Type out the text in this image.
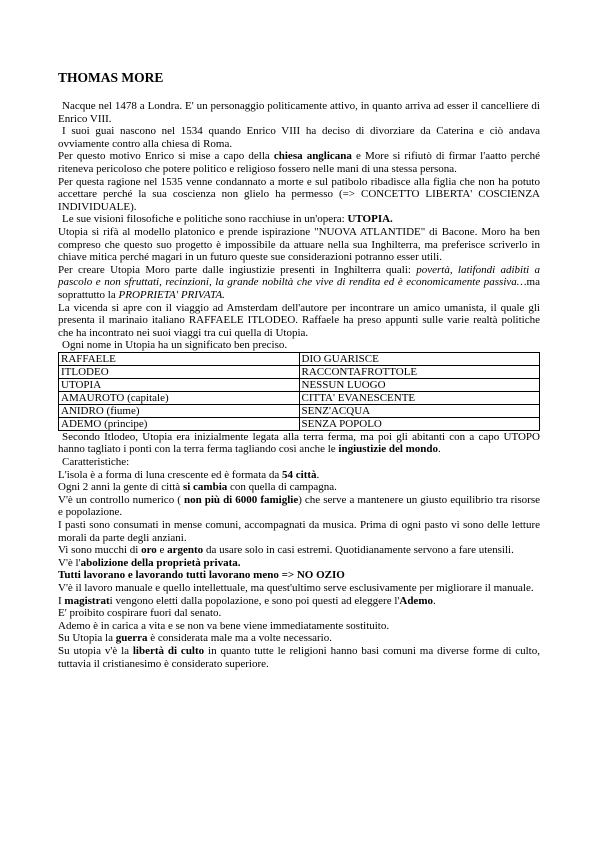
THOMAS MORE

Nacque nel 1478 a Londra. E' un personaggio politicamente attivo, in quanto arriva ad esser il cancelliere di Enrico VIII.

I suoi guai nascono nel 1534 quando Enrico VIII ha deciso di divorziare da Caterina e ciò andava ovviamente contro alla chiesa di Roma.

Per questo motivo Enrico si mise a capo della chiesa anglicana e More si rifiutò di firmar l'aatto perché riteneva pericoloso che potere politico e religioso fossero nelle mani di una stessa persona.

Per questa ragione nel 1535 venne condannato a morte e sul patibolo ribadisce alla figlia che non ha potuto accettare perché la sua coscienza non glielo ha permesso (=> CONCETTO LIBERTA' COSCIENZA INDIVIDUALE).

Le sue visioni filosofiche e politiche sono racchiuse in un'opera: UTOPIA.

Utopia si rifà al modello platonico e prende ispirazione "NUOVA ATLANTIDE" di Bacone. Moro ha ben compreso che questo suo progetto è impossibile da attuare nella sua Inghilterra, ma preferisce scriverlo in chiave mitica perché magari in un futuro queste sue considerazioni potranno esser utili.

Per creare Utopia Moro parte dalle ingiustizie presenti in Inghilterra quali: povertà, latifondi adibiti a pascolo e non sfruttati, recinzioni, la grande nobiltà che vive di rendita ed è economicamente passiva…ma soprattutto la PROPRIETA' PRIVATA.

La vicenda si apre con il viaggio ad Amsterdam dell'autore per incontrare un amico umanista, il quale gli presenta il marinaio italiano RAFFAELE ITLODEO. Raffaele ha preso appunti sulle varie realtà politiche che ha incontrato nei suoi viaggi tra cui quella di Utopia.

Ogni nome in Utopia ha un significato ben preciso.

RAFFAELE	DIO GUARISCE
ITLODEO	RACCONTAFROTTOLE
UTOPIA	NESSUN LUOGO
AMAUROTO (capitale)	CITTA' EVANESCENTE
ANIDRO (fiume)	SENZ'ACQUA
ADEMO (principe)	SENZA POPOLO

Secondo Itlodeo, Utopia era inizialmente legata alla terra ferma, ma poi gli abitanti con a capo UTOPO hanno tagliato i ponti con la terra ferma tagliando così anche le ingiustizie del mondo.

Caratteristiche:

L'isola è a forma di luna crescente ed è formata da 54 città.

Ogni 2 anni la gente di città si cambia con quella di campagna.

V'è un controllo numerico ( non più di 6000 famiglie) che serve a mantenere un giusto equilibrio tra risorse e popolazione.

I pasti sono consumati in mense comuni, accompagnati da musica. Prima di ogni pasto vi sono delle letture morali da parte degli anziani.

Vi sono mucchi di oro e argento da usare solo in casi estremi. Quotidianamente servono a fare utensili.

V'è l'abolizione della proprietà privata.

Tutti lavorano e lavorando tutti lavorano meno => NO OZIO

V'è il lavoro manuale e quello intellettuale, ma quest'ultimo serve esclusivamente per migliorare il manuale.

I magistrati vengono eletti dalla popolazione, e sono poi questi ad eleggere l'Ademo.

E' proibito cospirare fuori dal senato.

Ademo è in carica a vita e se non va bene viene immediatamente sostituito.

Su Utopia la guerra è considerata male ma a volte necessario.

Su utopia v'è la libertà di culto in quanto tutte le religioni hanno basi comuni ma diverse forme di culto, tuttavia il cristianesimo è considerato superiore.
